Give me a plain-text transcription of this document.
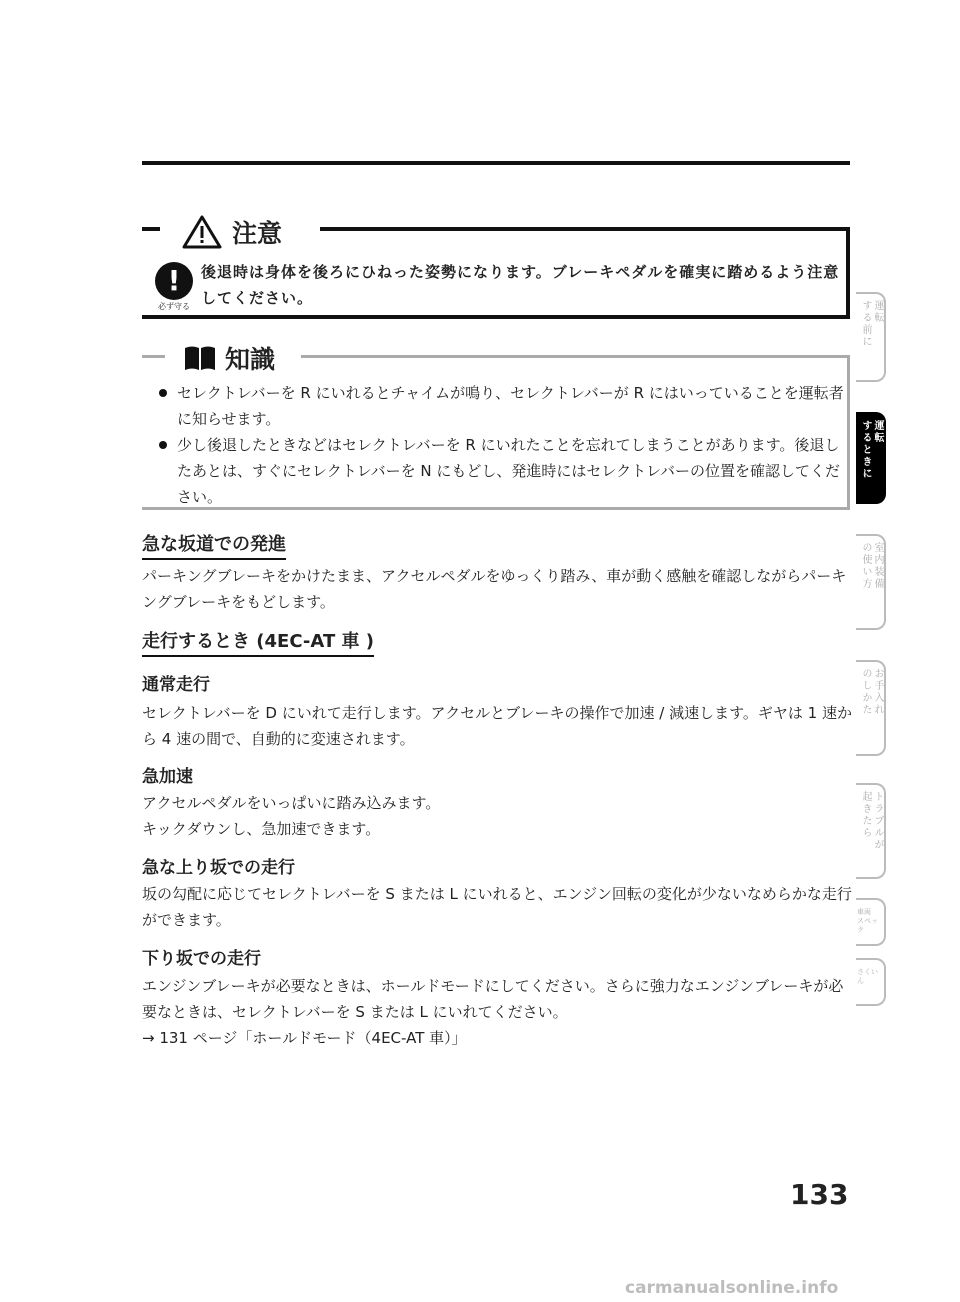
注意
!
必ず守る
後退時は身体を後ろにひねった姿勢になります。ブレーキペダルを確実に踏めるよう注意してください。
知識
セレクトレバーを R にいれるとチャイムが鳴り、セレクトレバーが R にはいっていることを運転者に知らせます。
少し後退したときなどはセレクトレバーを R にいれたことを忘れてしまうことがあります。後退したあとは、すぐにセレクトレバーを N にもどし、発進時にはセレクトレバーの位置を確認してください。
急な坂道での発進
パーキングブレーキをかけたまま、アクセルペダルをゆっくり踏み、車が動く感触を確認しながらパーキングブレーキをもどします。
走行するとき (4EC-AT 車 )
通常走行
セレクトレバーを D にいれて走行します。アクセルとブレーキの操作で加速 / 減速します。ギヤは 1 速から 4 速の間で、自動的に変速されます。
急加速
アクセルペダルをいっぱいに踏み込みます。
キックダウンし、急加速できます。
急な上り坂での走行
坂の勾配に応じてセレクトレバーを S または L にいれると、エンジン回転の変化が少ないなめらかな走行ができます。
下り坂での走行
エンジンブレーキが必要なときは、ホールドモードにしてください。さらに強力なエンジンブレーキが必要なときは、セレクトレバーを S または L にいれてください。
→ 131 ページ「ホールドモード（4EC-AT 車）」
運転
する前に
運転
するときに
室内装備
の使い方
お手入れ
のしかた
トラブルが
起きたら
車両
スペック
さくいん
133
carmanualsonline.info
